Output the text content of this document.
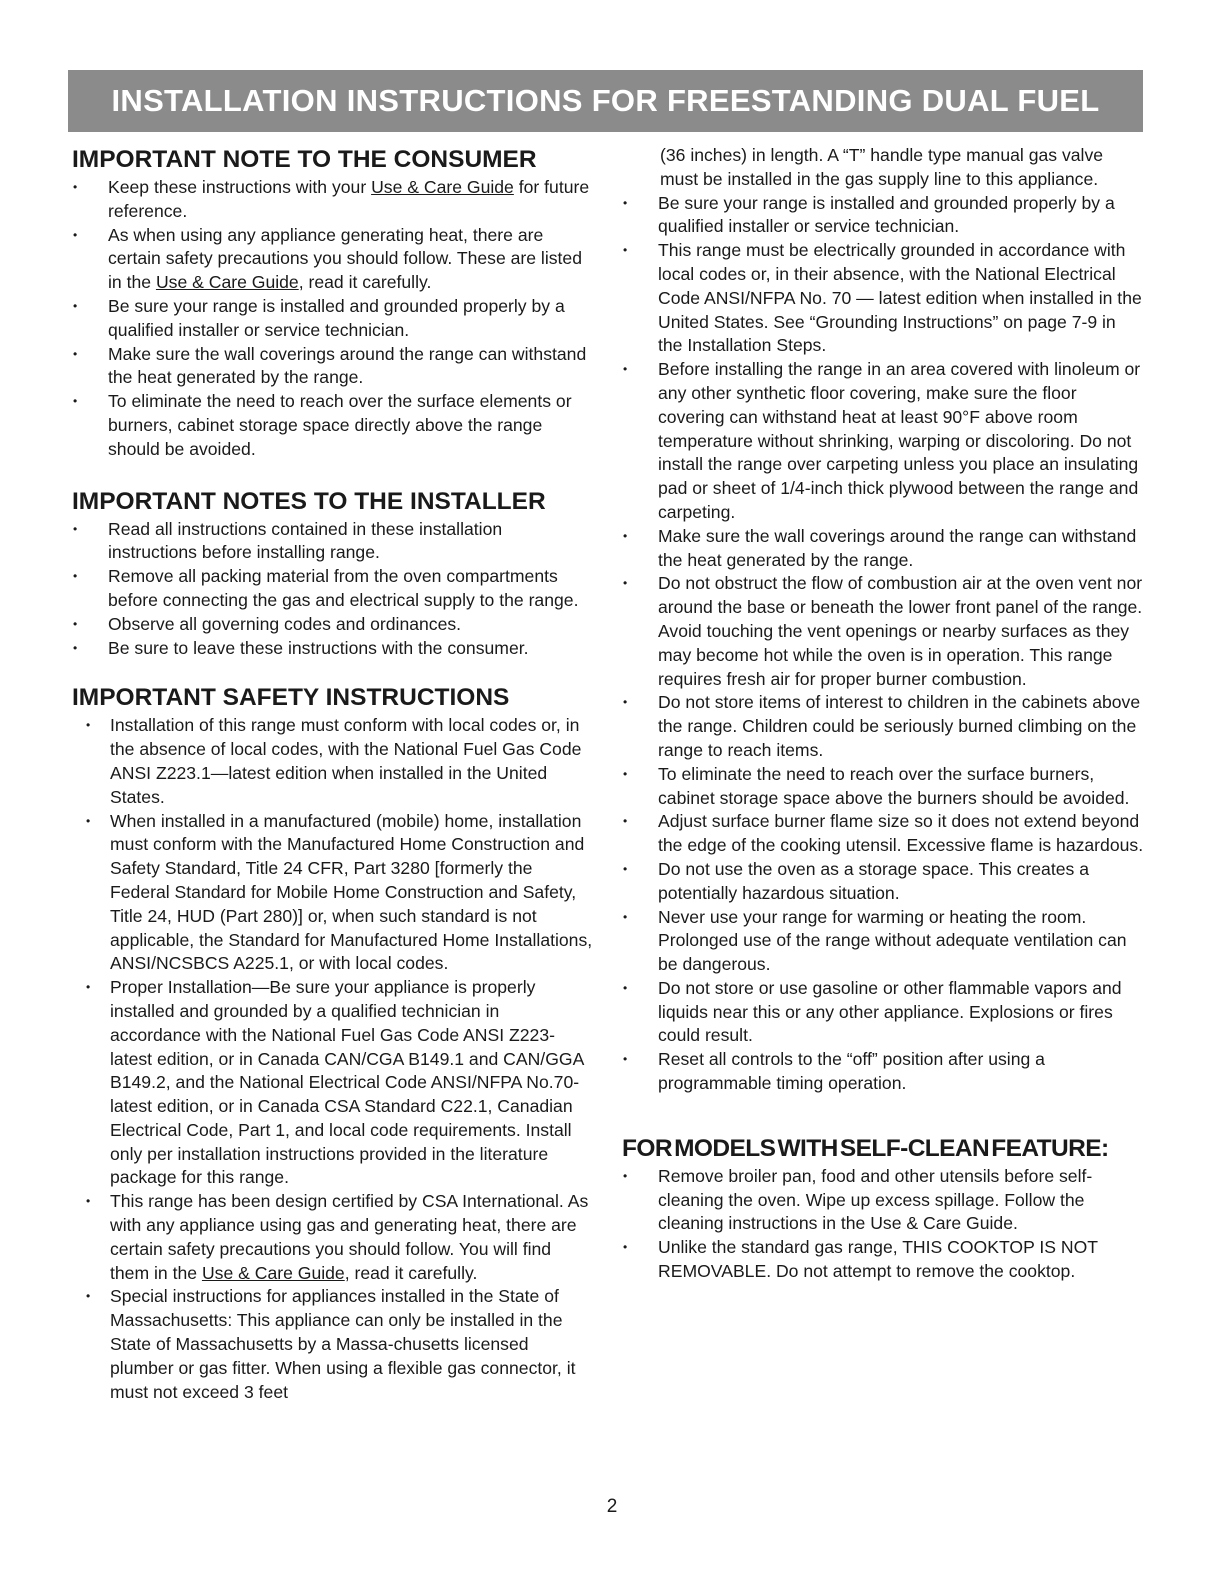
INSTALLATION INSTRUCTIONS FOR FREESTANDING DUAL FUEL
IMPORTANT NOTE TO THE CONSUMER
• Keep these instructions with your Use & Care Guide for future reference.
• As when using any appliance generating heat, there are certain safety precautions you should follow. These are listed in the Use & Care Guide, read it carefully.
• Be sure your range is installed and grounded properly by a qualified installer or service technician.
• Make sure the wall coverings around the range can withstand the heat generated by the range.
• To eliminate the need to reach over the surface elements or burners, cabinet storage space directly above the range should be avoided.
IMPORTANT NOTES TO THE INSTALLER
• Read all instructions contained in these installation instructions before installing range.
• Remove all packing material from the oven compartments before connecting the gas and electrical supply to the range.
• Observe all governing codes and ordinances.
• Be sure to leave these instructions with the consumer.
IMPORTANT SAFETY INSTRUCTIONS
• Installation of this range must conform with local codes or, in the absence of local codes, with the National Fuel Gas Code ANSI Z223.1—latest edition when installed in the United States.
• When installed in a manufactured (mobile) home, installation must conform with the Manufactured Home Construction and Safety Standard, Title 24 CFR, Part 3280 [formerly the Federal Standard for Mobile Home Construction and Safety, Title 24, HUD (Part 280)] or, when such standard is not applicable, the Standard for Manufactured Home Installations, ANSI/NCSBCS A225.1, or with local codes.
• Proper Installation—Be sure your appliance is properly installed and grounded by a qualified technician in accordance with the National Fuel Gas Code ANSI Z223- latest edition, or in Canada CAN/CGA B149.1 and CAN/GGA B149.2, and the National Electrical Code ANSI/NFPA No.70-latest edition, or in Canada CSA Standard C22.1, Canadian Electrical Code, Part 1, and local code requirements. Install only per installation instructions provided in the literature package for this range.
• This range has been design certified by CSA International. As with any appliance using gas and generating heat, there are certain safety precautions you should follow. You will find them in the Use & Care Guide, read it carefully.
• Special instructions for appliances installed in the State of Massachusetts: This appliance can only be installed in the State of Massachusetts by a Massa-chusetts licensed plumber or gas fitter. When using a flexible gas connector, it must not exceed 3 feet
(36 inches) in length. A “T” handle type manual gas valve must be installed in the gas supply line to this appliance.
• Be sure your range is installed and grounded properly by a qualified installer or service technician.
• This range must be electrically grounded in accordance with local codes or, in their absence, with the National Electrical Code ANSI/NFPA No. 70 — latest edition when installed in the United States. See “Grounding Instructions” on page 7-9 in the Installation Steps.
• Before installing the range in an area covered with linoleum or any other synthetic floor covering, make sure the floor covering can withstand heat at least 90°F above room temperature without shrinking, warping or discoloring. Do not install the range over carpeting unless you place an insulating pad or sheet of 1/4-inch thick plywood between the range and carpeting.
• Make sure the wall coverings around the range can withstand the heat generated by the range.
• Do not obstruct the flow of combustion air at the oven vent nor around the base or beneath the lower front panel of the range. Avoid touching the vent openings or nearby surfaces as they may become hot while the oven is in operation. This range requires fresh air for proper burner combustion.
• Do not store items of interest to children in the cabinets above the range. Children could be seriously burned climbing on the range to reach items.
• To eliminate the need to reach over the surface burners, cabinet storage space above the burners should be avoided.
• Adjust surface burner flame size so it does not extend beyond the edge of the cooking utensil. Excessive flame is hazardous.
• Do not use the oven as a storage space. This creates a potentially hazardous situation.
• Never use your range for warming or heating the room. Prolonged use of the range without adequate ventilation can be dangerous.
• Do not store or use gasoline or other flammable vapors and liquids near this or any other appliance. Explosions or fires could result.
• Reset all controls to the “off” position after using a programmable timing operation.
FOR MODELS WITH SELF-CLEAN FEATURE:
• Remove broiler pan, food and other utensils before self-cleaning the oven. Wipe up excess spillage. Follow the cleaning instructions in the Use & Care Guide.
• Unlike the standard gas range, THIS COOKTOP IS NOT REMOVABLE. Do not attempt to remove the cooktop.
2
